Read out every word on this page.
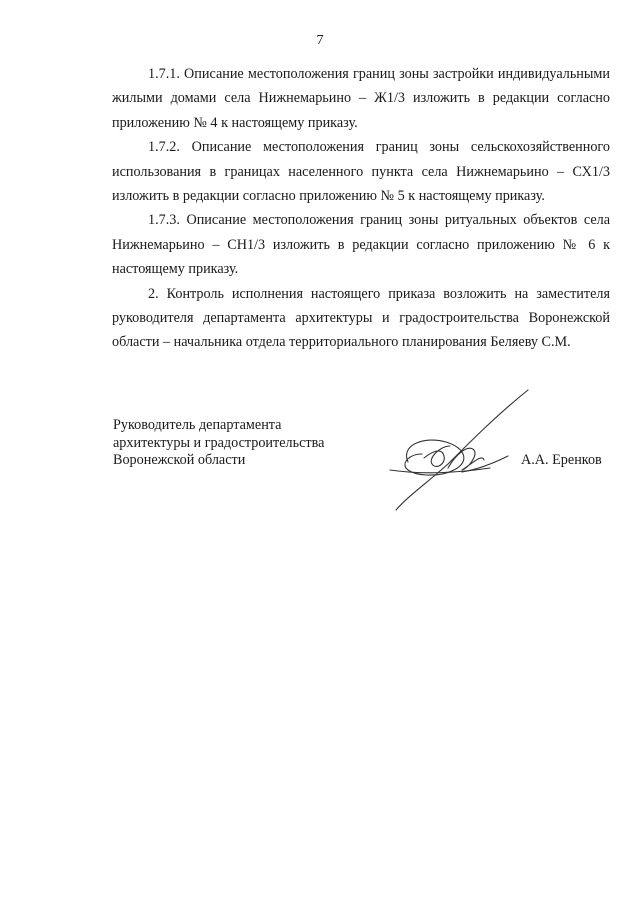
7

1.7.1. Описание местоположения границ зоны застройки индивидуальными жилыми домами села Нижнемарьино – Ж1/3 изложить в редакции согласно приложению № 4 к настоящему приказу.

1.7.2. Описание местоположения границ зоны сельскохозяйственного использования в границах населенного пункта села Нижнемарьино – СХ1/3 изложить в редакции согласно приложению № 5 к настоящему приказу.

1.7.3. Описание местоположения границ зоны ритуальных объектов села Нижнемарьино – СН1/3 изложить в редакции согласно приложению № 6 к настоящему приказу.

2. Контроль исполнения настоящего приказа возложить на заместителя руководителя департамента архитектуры и градостроительства Воронежской области – начальника отдела территориального планирования Беляеву С.М.

Руководитель департамента
архитектуры и градостроительства
Воронежской области	А.А. Еренков
